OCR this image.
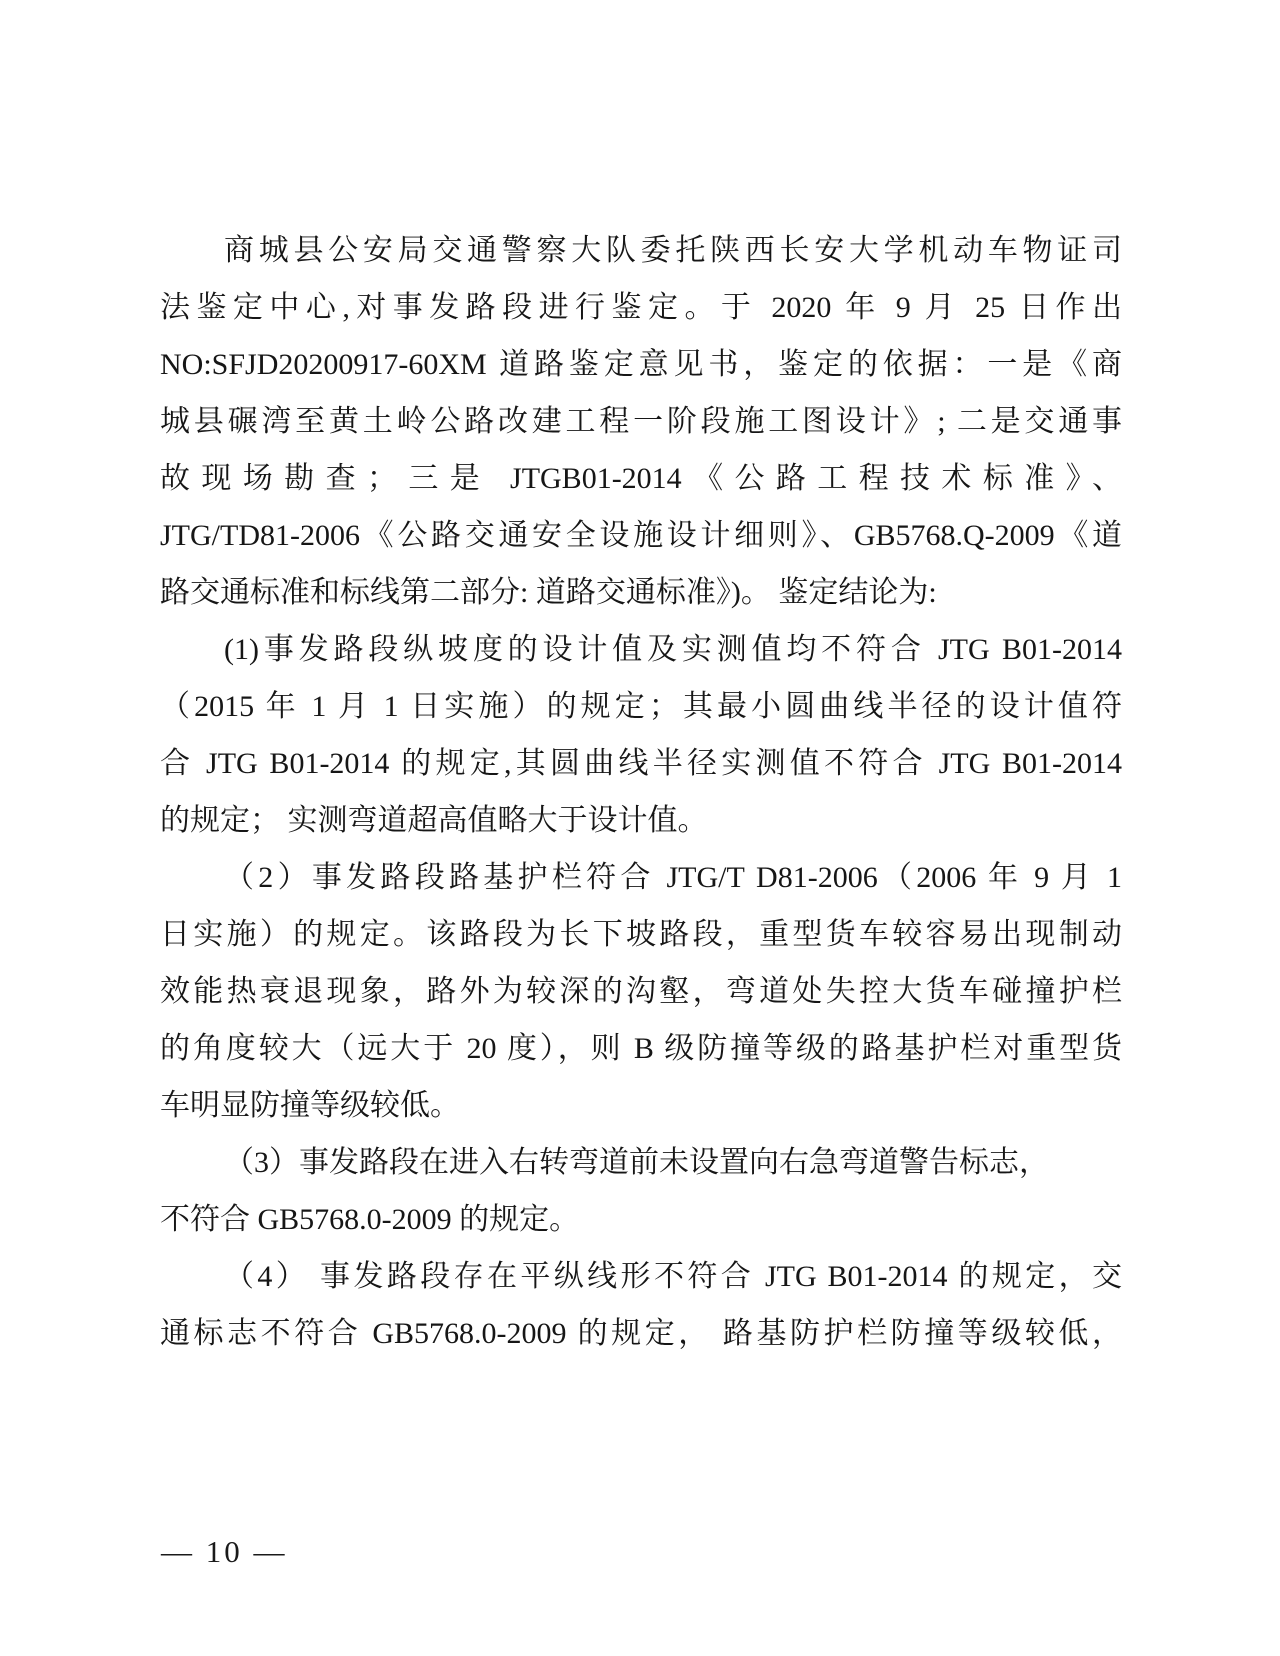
商城县公安局交通警察大队委托陕西长安大学机动车物证司
法鉴定中心,对事发路段进行鉴定。于 2020 年 9 月 25 日作出
NO:SFJD20200917-60XM 道路鉴定意见书，鉴定的依据：一是《商
城县碾湾至黄土岭公路改建工程一阶段施工图设计》; 二是交通事
故现场勘查；三是 JTGB01-2014《公路工程技术标准》、
JTG/TD81-2006《公路交通安全设施设计细则》、GB5768.Q-2009《道
路交通标准和标线第二部分: 道路交通标准》)。 鉴定结论为:
(1)事发路段纵坡度的设计值及实测值均不符合 JTG B01-2014
（2015 年 1 月 1 日实施）的规定；其最小圆曲线半径的设计值符
合 JTG B01-2014 的规定,其圆曲线半径实测值不符合 JTG B01-2014
的规定； 实测弯道超高值略大于设计值。
（2）事发路段路基护栏符合 JTG/T D81-2006（2006 年 9 月 1
日实施）的规定。该路段为长下坡路段，重型货车较容易出现制动
效能热衰退现象，路外为较深的沟壑，弯道处失控大货车碰撞护栏
的角度较大（远大于 20 度），则 B 级防撞等级的路基护栏对重型货
车明显防撞等级较低。
（3）事发路段在进入右转弯道前未设置向右急弯道警告标志，
不符合 GB5768.0-2009 的规定。
（4） 事发路段存在平纵线形不符合 JTG B01-2014 的规定，交
通标志不符合 GB5768.0-2009 的规定， 路基防护栏防撞等级较低，
— 10 —
